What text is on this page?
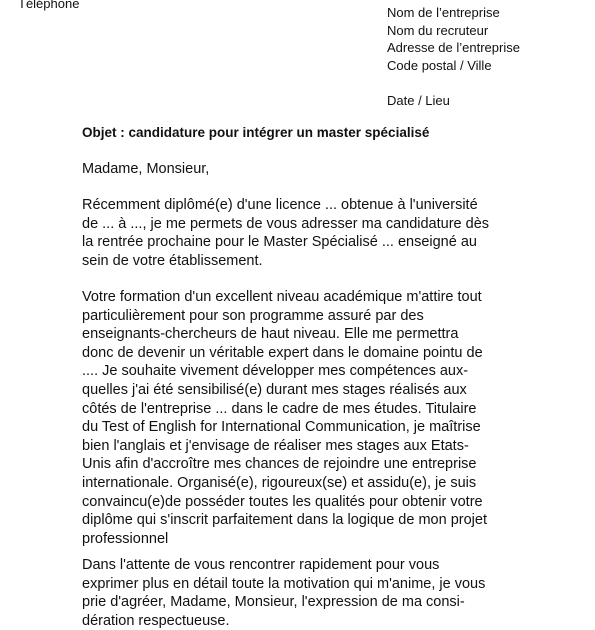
Téléphone
Nom de l’entreprise
Nom du recruteur
Adresse de l’entreprise
Code postal / Ville
Date / Lieu
Objet : candidature pour intégrer un master spécialisé
Madame, Monsieur,
Récemment diplômé(e) d'une licence ... obtenue à l'université
de ... à ..., je me permets de vous adresser ma candidature dès
la rentrée prochaine pour le Master Spécialisé ... enseigné au
sein de votre établissement.
Votre formation d'un excellent niveau académique m'attire tout
particulièrement pour son programme assuré par des
enseignants-chercheurs de haut niveau. Elle me permettra
donc de devenir un véritable expert dans le domaine pointu de
.... Je souhaite vivement développer mes compétences aux-
quelles j'ai été sensibilisé(e) durant mes stages réalisés aux
côtés de l'entreprise ... dans le cadre de mes études. Titulaire
du Test of English for International Communication, je maîtrise
bien l'anglais et j'envisage de réaliser mes stages aux Etats-
Unis afin d'accroître mes chances de rejoindre une entreprise
internationale. Organisé(e), rigoureux(se) et assidu(e), je suis
convaincu(e)de posséder toutes les qualités pour obtenir votre
diplôme qui s'inscrit parfaitement dans la logique de mon projet
professionnel
Dans l'attente de vous rencontrer rapidement pour vous
exprimer plus en détail toute la motivation qui m'anime, je vous
prie d'agréer, Madame, Monsieur, l'expression de ma consi-
dération respectueuse.
